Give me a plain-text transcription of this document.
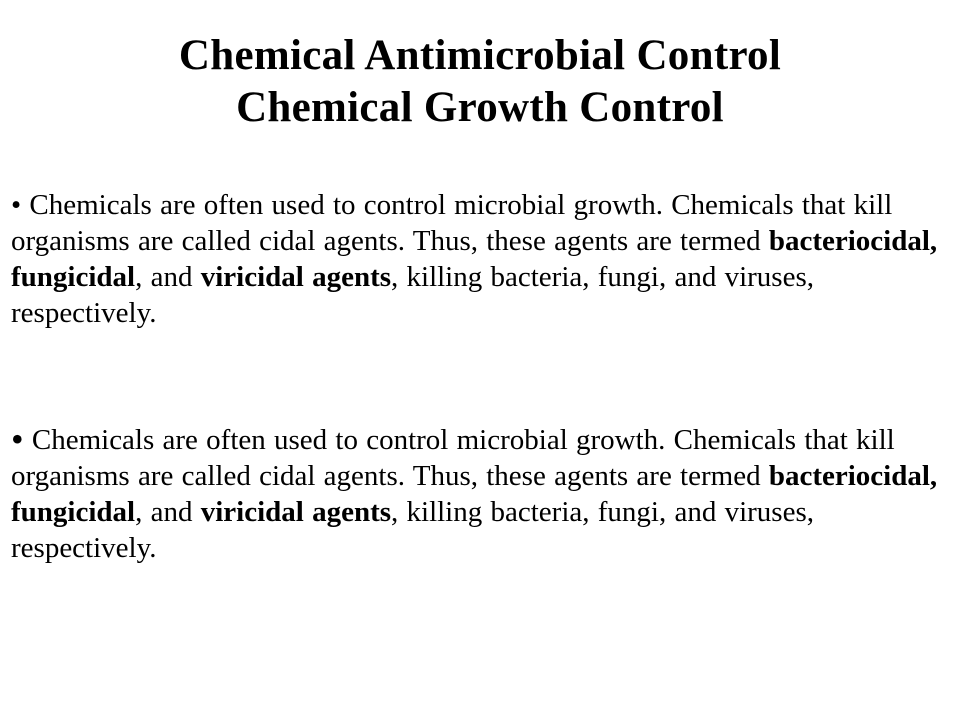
Chemical Antimicrobial Control
Chemical Growth Control
• Chemicals are often used to control microbial growth. Chemicals that kill organisms are called cidal agents. Thus, these agents are termed bacteriocidal, fungicidal, and viricidal agents, killing bacteria, fungi, and viruses, respectively.
• Chemicals are often used to control microbial growth. Chemicals that kill organisms are called cidal agents. Thus, these agents are termed bacteriocidal, fungicidal, and viricidal agents, killing bacteria, fungi, and viruses, respectively.
